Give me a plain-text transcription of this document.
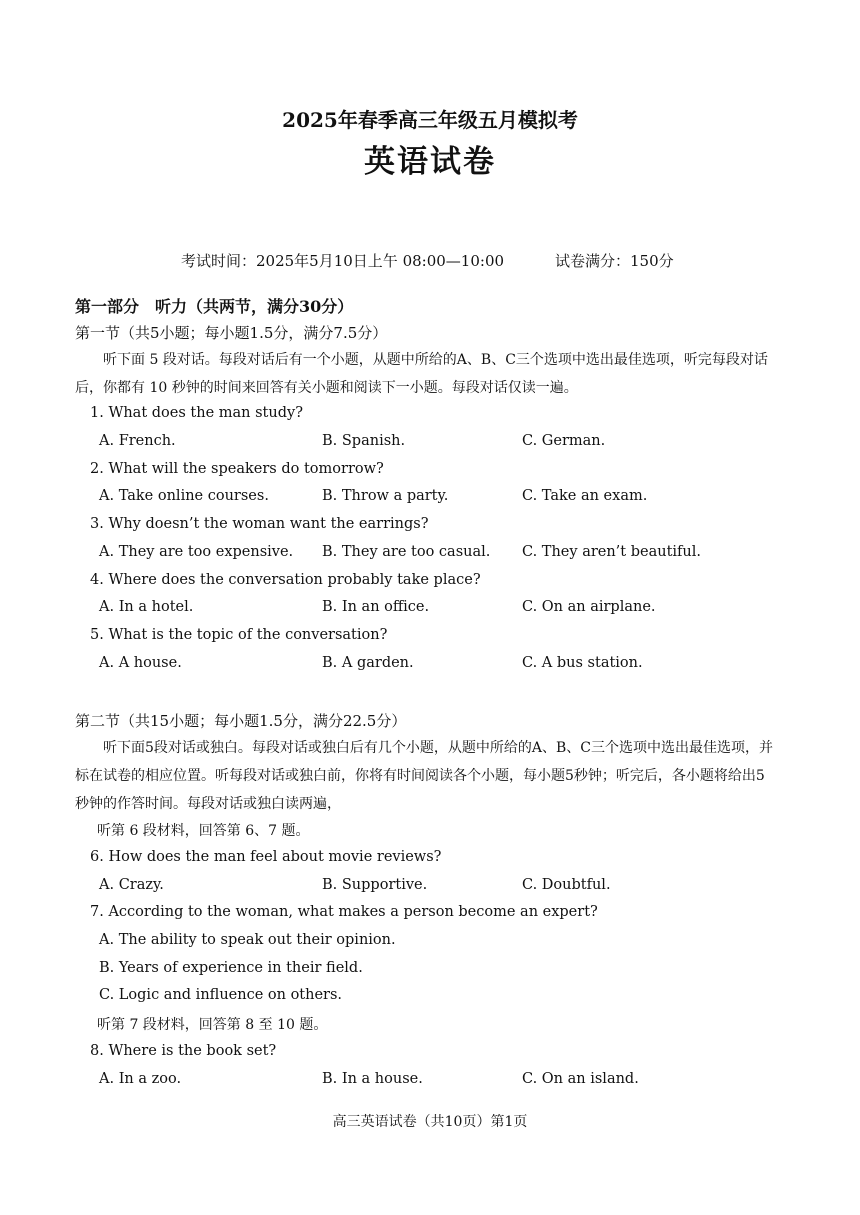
2025年春季高三年级五月模拟考
英语试卷
考试时间：2025年5月10日上午 08:00—10:00	试卷满分：150分
第一部分　听力（共两节，满分30分）
第一节（共5小题；每小题1.5分，满分7.5分）
听下面 5 段对话。每段对话后有一个小题，从题中所给的A、B、C三个选项中选出最佳选项，听完每段对话后，你都有 10 秒钟的时间来回答有关小题和阅读下一小题。每段对话仅读一遍。
1. What does the man study?
A. French.	B. Spanish.	C. German.
2. What will the speakers do tomorrow?
A. Take online courses.	B. Throw a party.	C. Take an exam.
3. Why doesn’t the woman want the earrings?
A. They are too expensive. B. They are too casual. C. They aren’t beautiful.
4. Where does the conversation probably take place?
A. In a hotel.	B. In an office.	C. On an airplane.
5. What is the topic of the conversation?
A. A house.	B. A garden.	C. A bus station.
第二节（共15小题；每小题1.5分，满分22.5分）
听下面5段对话或独白。每段对话或独白后有几个小题，从题中所给的A、B、C三个选项中选出最佳选项，并标在试卷的相应位置。听每段对话或独白前，你将有时间阅读各个小题，每小题5秒钟；听完后，各小题将给出5秒钟的作答时间。每段对话或独白读两遍，
听第 6 段材料，回答第 6、7 题。
6. How does the man feel about movie reviews?
A. Crazy.	B. Supportive.	C. Doubtful.
7. According to the woman, what makes a person become an expert?
A. The ability to speak out their opinion.
B. Years of experience in their field.
C. Logic and influence on others.
听第 7 段材料，回答第 8 至 10 题。
8. Where is the book set?
A. In a zoo.	B. In a house.	C. On an island.
高三英语试卷（共10页）第1页
